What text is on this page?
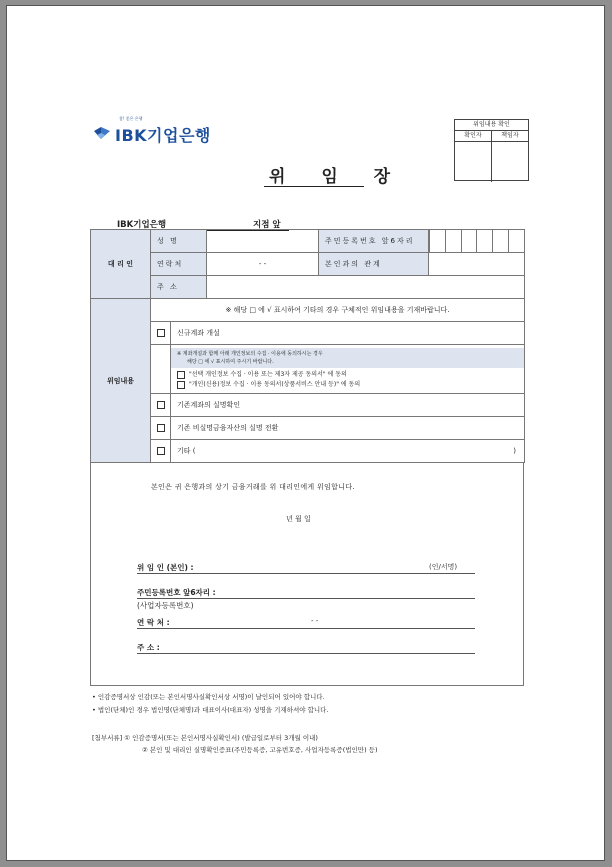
참! 좋은 은행
IBK기업은행
위임내용 확인
확인자	책임자
위 임 장
IBK기업은행	지점 앞
대 리 인	성 명			주민등록번호 앞6자리	

	연락처		- -	본인과의 관계	
	주 소				
위임내용	※ 해당 □ 에 √ 표시하여 기타의 경우 구체적인 위임내용을 기재바랍니다.				
		신규계좌 개설			

		※ 계좌개설과 함께 아래 개인정보의 수집 · 이용에 동의하시는 경우
해당 □ 에 √ 표시하여 주시기 바랍니다.
"선택 개인정보 수집 · 이용 또는 제3자 제공 동의서" 에 동의
"개인(신용)정보 수집 · 이용 동의서(상품서비스 안내 등)" 에 동의			

		기존계좌의 실명확인			
		기존 비실명금융자산의 실명 전환			
		기타 ( )			
본인은 귀 은행과의 상기 금융거래를 위 대리인에게 위임합니다.
년 월 일
위 임 인 (본인) :	(인/서명)
주민등록번호 앞6자리 :
(사업자등록번호)
연 락 처 :	- -
주 소 :
• 인감증명서상 인감(또는 본인서명사실확인서상 서명)이 날인되어 있어야 합니다.
• 법인(단체)인 경우 법인명(단체명)과 대표이사(대표자) 성명을 기재하셔야 합니다.
[첨부서류] ① 인감증명서(또는 본인서명사실확인서) (발급일로부터 3개월 이내)
② 본인 및 대리인 실명확인증표(주민등록증, 고유번호증, 사업자등록증(법인만) 등)
